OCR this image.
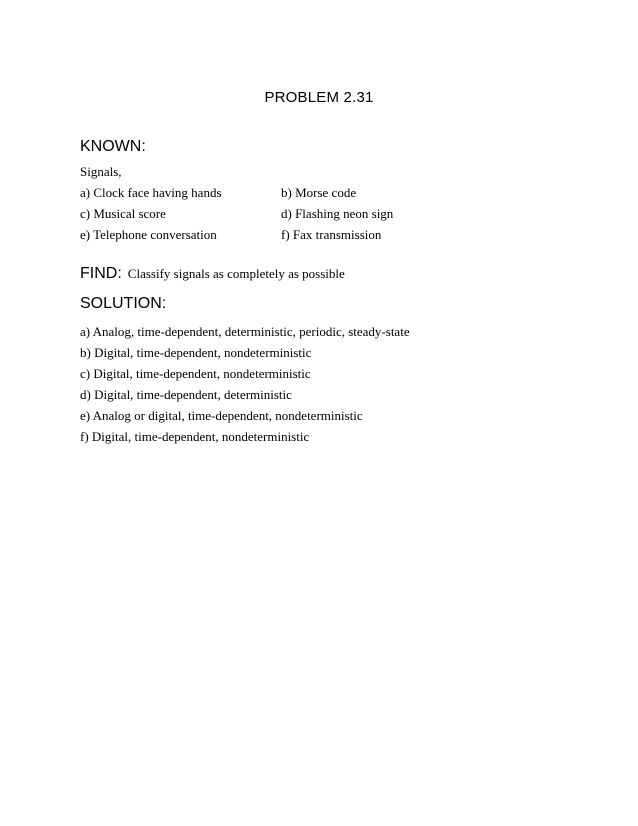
PROBLEM 2.31
KNOWN:
Signals,
a) Clock face having hands	b) Morse code
c) Musical score	d) Flashing neon sign
e) Telephone conversation	f) Fax transmission
FIND: Classify signals as completely as possible
SOLUTION:
a) Analog, time-dependent, deterministic, periodic, steady-state
b) Digital, time-dependent, nondeterministic
c) Digital, time-dependent, nondeterministic
d) Digital, time-dependent, deterministic
e) Analog or digital, time-dependent, nondeterministic
f) Digital, time-dependent, nondeterministic
